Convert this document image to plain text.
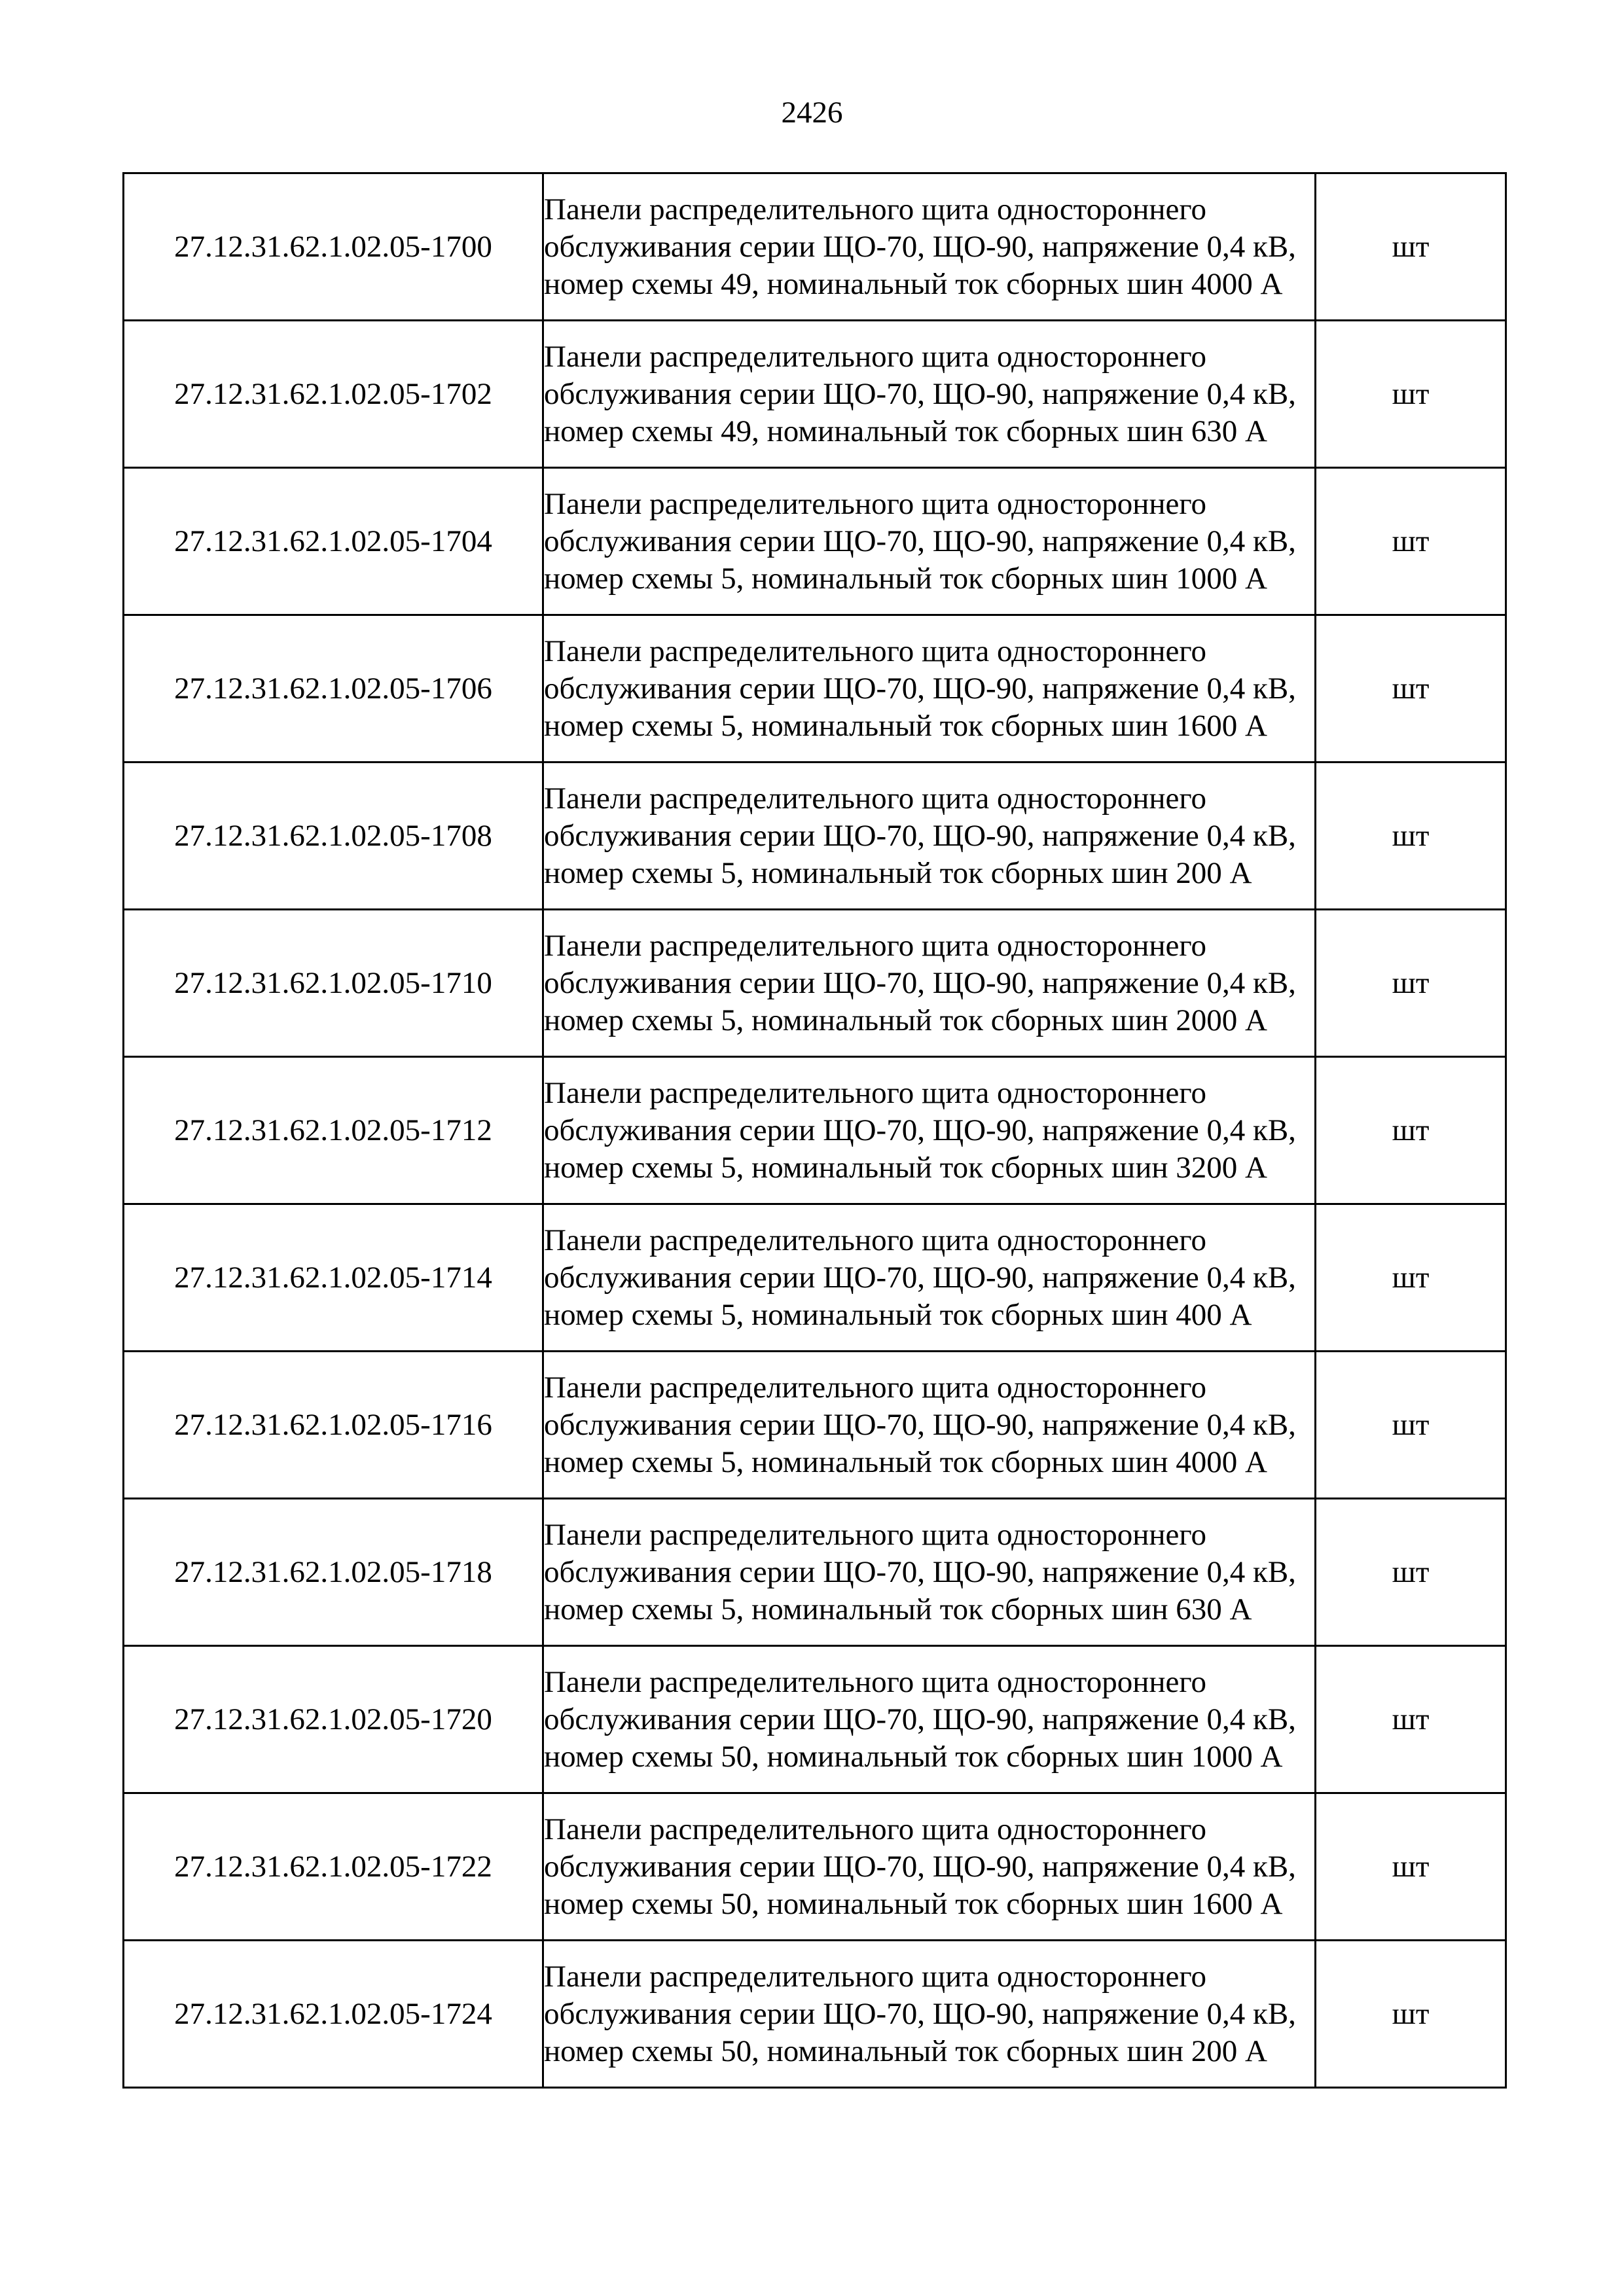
2426
27.12.31.62.1.02.05-1700	Панели распределительного щита одностороннего обслуживания серии ЩО-70, ЩО-90, напряжение 0,4 кВ, номер схемы 49, номинальный ток сборных шин 4000 А	шт
27.12.31.62.1.02.05-1702	Панели распределительного щита одностороннего обслуживания серии ЩО-70, ЩО-90, напряжение 0,4 кВ, номер схемы 49, номинальный ток сборных шин 630 А	шт
27.12.31.62.1.02.05-1704	Панели распределительного щита одностороннего обслуживания серии ЩО-70, ЩО-90, напряжение 0,4 кВ, номер схемы 5, номинальный ток сборных шин 1000 А	шт
27.12.31.62.1.02.05-1706	Панели распределительного щита одностороннего обслуживания серии ЩО-70, ЩО-90, напряжение 0,4 кВ, номер схемы 5, номинальный ток сборных шин 1600 А	шт
27.12.31.62.1.02.05-1708	Панели распределительного щита одностороннего обслуживания серии ЩО-70, ЩО-90, напряжение 0,4 кВ, номер схемы 5, номинальный ток сборных шин 200 А	шт
27.12.31.62.1.02.05-1710	Панели распределительного щита одностороннего обслуживания серии ЩО-70, ЩО-90, напряжение 0,4 кВ, номер схемы 5, номинальный ток сборных шин 2000 А	шт
27.12.31.62.1.02.05-1712	Панели распределительного щита одностороннего обслуживания серии ЩО-70, ЩО-90, напряжение 0,4 кВ, номер схемы 5, номинальный ток сборных шин 3200 А	шт
27.12.31.62.1.02.05-1714	Панели распределительного щита одностороннего обслуживания серии ЩО-70, ЩО-90, напряжение 0,4 кВ, номер схемы 5, номинальный ток сборных шин 400 А	шт
27.12.31.62.1.02.05-1716	Панели распределительного щита одностороннего обслуживания серии ЩО-70, ЩО-90, напряжение 0,4 кВ, номер схемы 5, номинальный ток сборных шин 4000 А	шт
27.12.31.62.1.02.05-1718	Панели распределительного щита одностороннего обслуживания серии ЩО-70, ЩО-90, напряжение 0,4 кВ, номер схемы 5, номинальный ток сборных шин 630 А	шт
27.12.31.62.1.02.05-1720	Панели распределительного щита одностороннего обслуживания серии ЩО-70, ЩО-90, напряжение 0,4 кВ, номер схемы 50, номинальный ток сборных шин 1000 А	шт
27.12.31.62.1.02.05-1722	Панели распределительного щита одностороннего обслуживания серии ЩО-70, ЩО-90, напряжение 0,4 кВ, номер схемы 50, номинальный ток сборных шин 1600 А	шт
27.12.31.62.1.02.05-1724	Панели распределительного щита одностороннего обслуживания серии ЩО-70, ЩО-90, напряжение 0,4 кВ, номер схемы 50, номинальный ток сборных шин 200 А	шт
